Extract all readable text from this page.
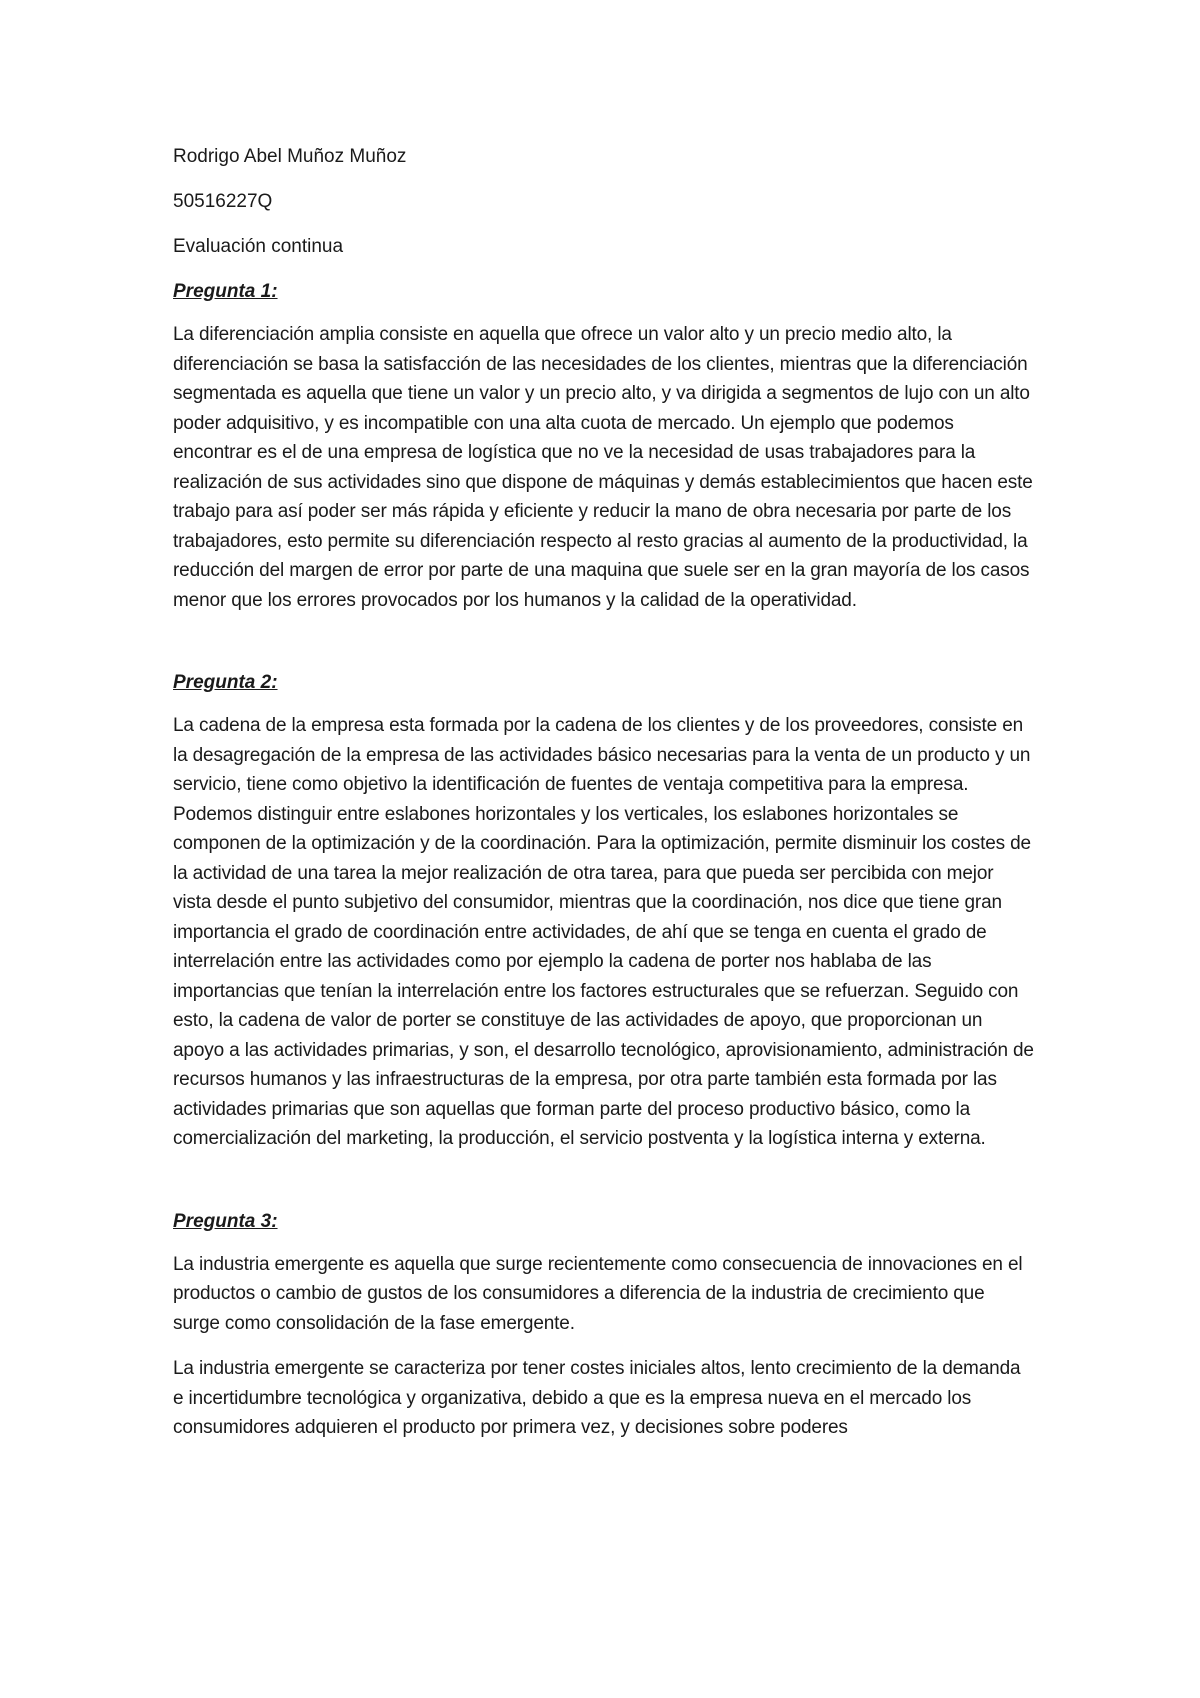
Rodrigo Abel Muñoz Muñoz

50516227Q

Evaluación continua

Pregunta 1:

La diferenciación amplia consiste en aquella que ofrece un valor alto y un precio medio alto, la diferenciación se basa la satisfacción de las necesidades de los clientes, mientras que la diferenciación segmentada es aquella que tiene un valor y un precio alto, y va dirigida a segmentos de lujo con un alto poder adquisitivo, y es incompatible con una alta cuota de mercado. Un ejemplo que podemos encontrar es el de una empresa de logística que no ve la necesidad de usas trabajadores para la realización de sus actividades sino que dispone de máquinas y demás establecimientos que hacen este trabajo para así poder ser más rápida y eficiente y reducir la mano de obra necesaria por parte de los trabajadores, esto permite su diferenciación respecto al resto gracias al aumento de la productividad, la reducción del margen de error por parte de una maquina que suele ser en la gran mayoría de los casos menor que los errores provocados por los humanos y la calidad de la operatividad.

Pregunta 2:

La cadena de la empresa esta formada por la cadena de los clientes y de los proveedores, consiste en la desagregación de la empresa de las actividades básico necesarias para la venta de un producto y un servicio, tiene como objetivo la identificación de fuentes de ventaja competitiva para la empresa. Podemos distinguir entre eslabones horizontales y los verticales, los eslabones horizontales se componen de la optimización y de la coordinación. Para la optimización, permite disminuir los costes de la actividad de una tarea la mejor realización de otra tarea, para que pueda ser percibida con mejor vista desde el punto subjetivo del consumidor, mientras que la coordinación, nos dice que tiene gran importancia el grado de coordinación entre actividades, de ahí que se tenga en cuenta el grado de interrelación entre las actividades como por ejemplo la cadena de porter nos hablaba de las importancias que tenían la interrelación entre los factores estructurales que se refuerzan. Seguido con esto, la cadena de valor de porter se constituye de las actividades de apoyo, que proporcionan un apoyo a las actividades primarias, y son, el desarrollo tecnológico, aprovisionamiento, administración de recursos humanos y las infraestructuras de la empresa, por otra parte también esta formada por las actividades primarias que son aquellas que forman parte del proceso productivo básico, como la comercialización del marketing, la producción, el servicio postventa y la logística interna y externa.

Pregunta 3:

La industria emergente es aquella que surge recientemente como consecuencia de innovaciones en el productos o cambio de gustos de los consumidores a diferencia de la industria de crecimiento que surge como consolidación de la fase emergente.

La industria emergente se caracteriza por tener costes iniciales altos, lento crecimiento de la demanda e incertidumbre tecnológica y organizativa, debido a que es la empresa nueva en el mercado los consumidores adquieren el producto por primera vez, y decisiones sobre poderes
